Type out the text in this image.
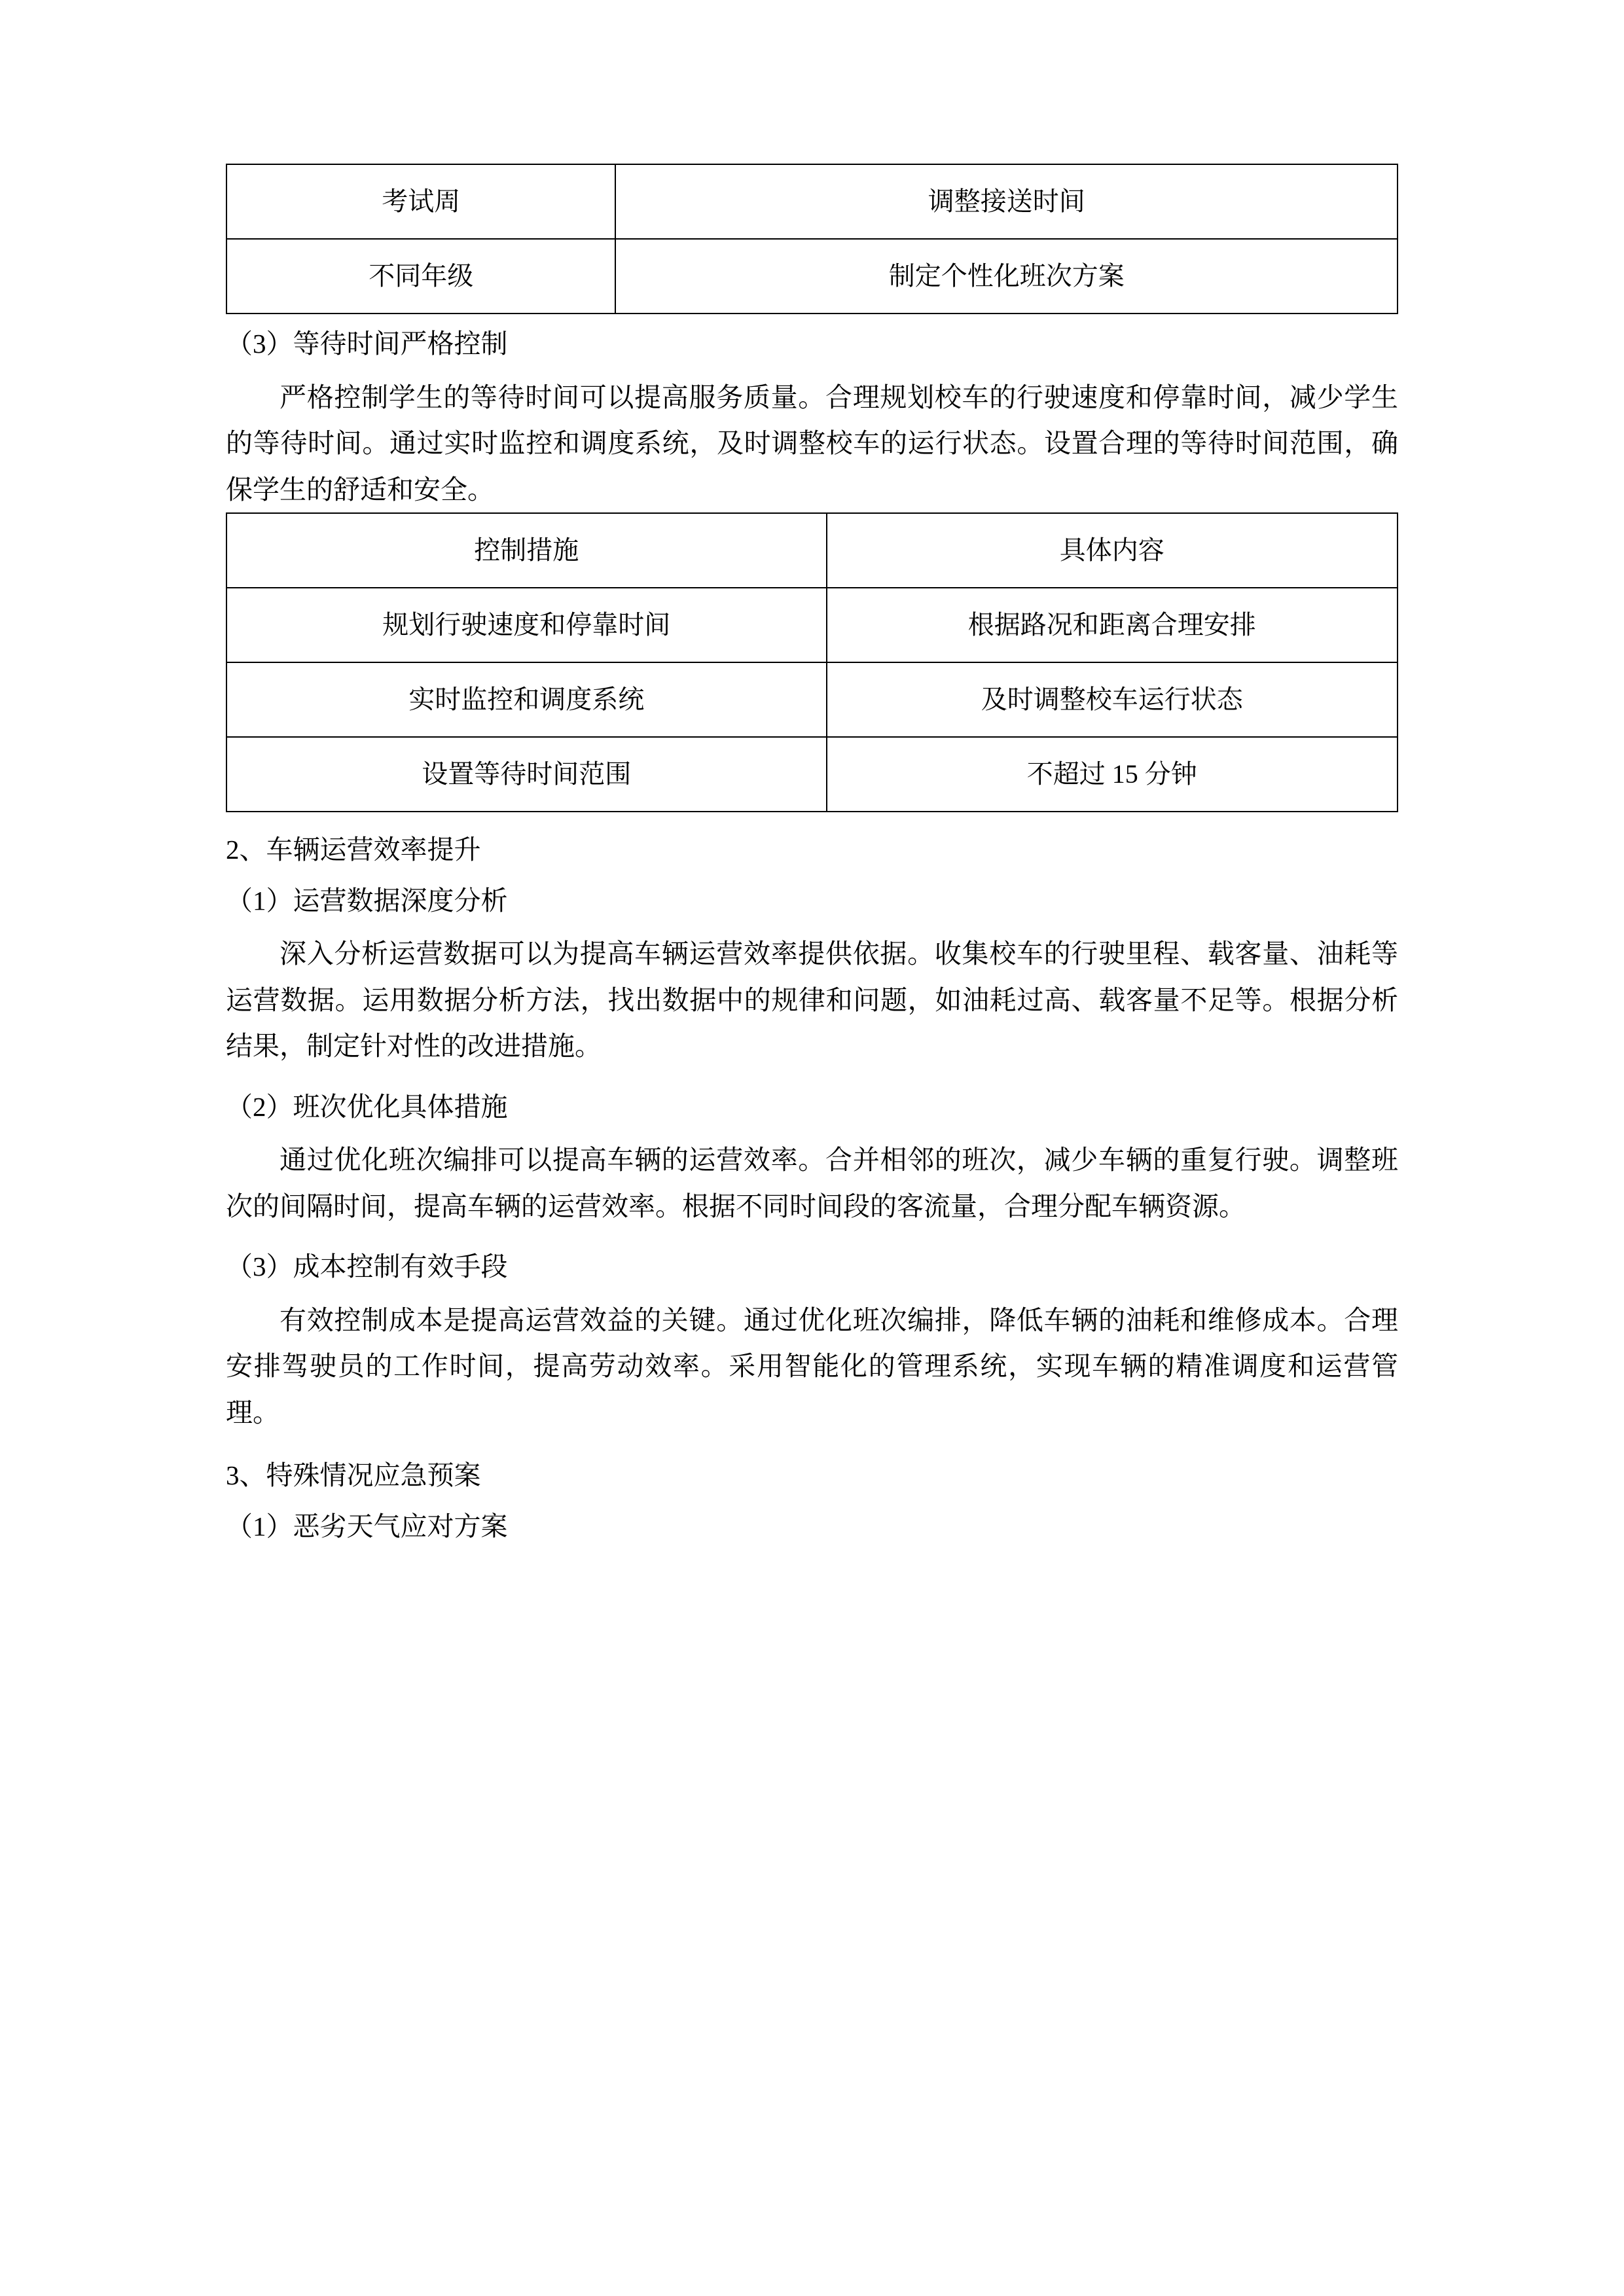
考试周	调整接送时间
不同年级	制定个性化班次方案
（3）等待时间严格控制

严格控制学生的等待时间可以提高服务质量。合理规划校车的行驶速度和停靠时间，减少学生的等待时间。通过实时监控和调度系统，及时调整校车的运行状态。设置合理的等待时间范围，确保学生的舒适和安全。

控制措施	具体内容
规划行驶速度和停靠时间	根据路况和距离合理安排
实时监控和调度系统	及时调整校车运行状态
设置等待时间范围	不超过 15 分钟
2、车辆运营效率提升
（1）运营数据深度分析

深入分析运营数据可以为提高车辆运营效率提供依据。收集校车的行驶里程、载客量、油耗等运营数据。运用数据分析方法，找出数据中的规律和问题，如油耗过高、载客量不足等。根据分析结果，制定针对性的改进措施。

（2）班次优化具体措施

通过优化班次编排可以提高车辆的运营效率。合并相邻的班次，减少车辆的重复行驶。调整班次的间隔时间，提高车辆的运营效率。根据不同时间段的客流量，合理分配车辆资源。

（3）成本控制有效手段

有效控制成本是提高运营效益的关键。通过优化班次编排，降低车辆的油耗和维修成本。合理安排驾驶员的工作时间，提高劳动效率。采用智能化的管理系统，实现车辆的精准调度和运营管理。

3、特殊情况应急预案
（1）恶劣天气应对方案
